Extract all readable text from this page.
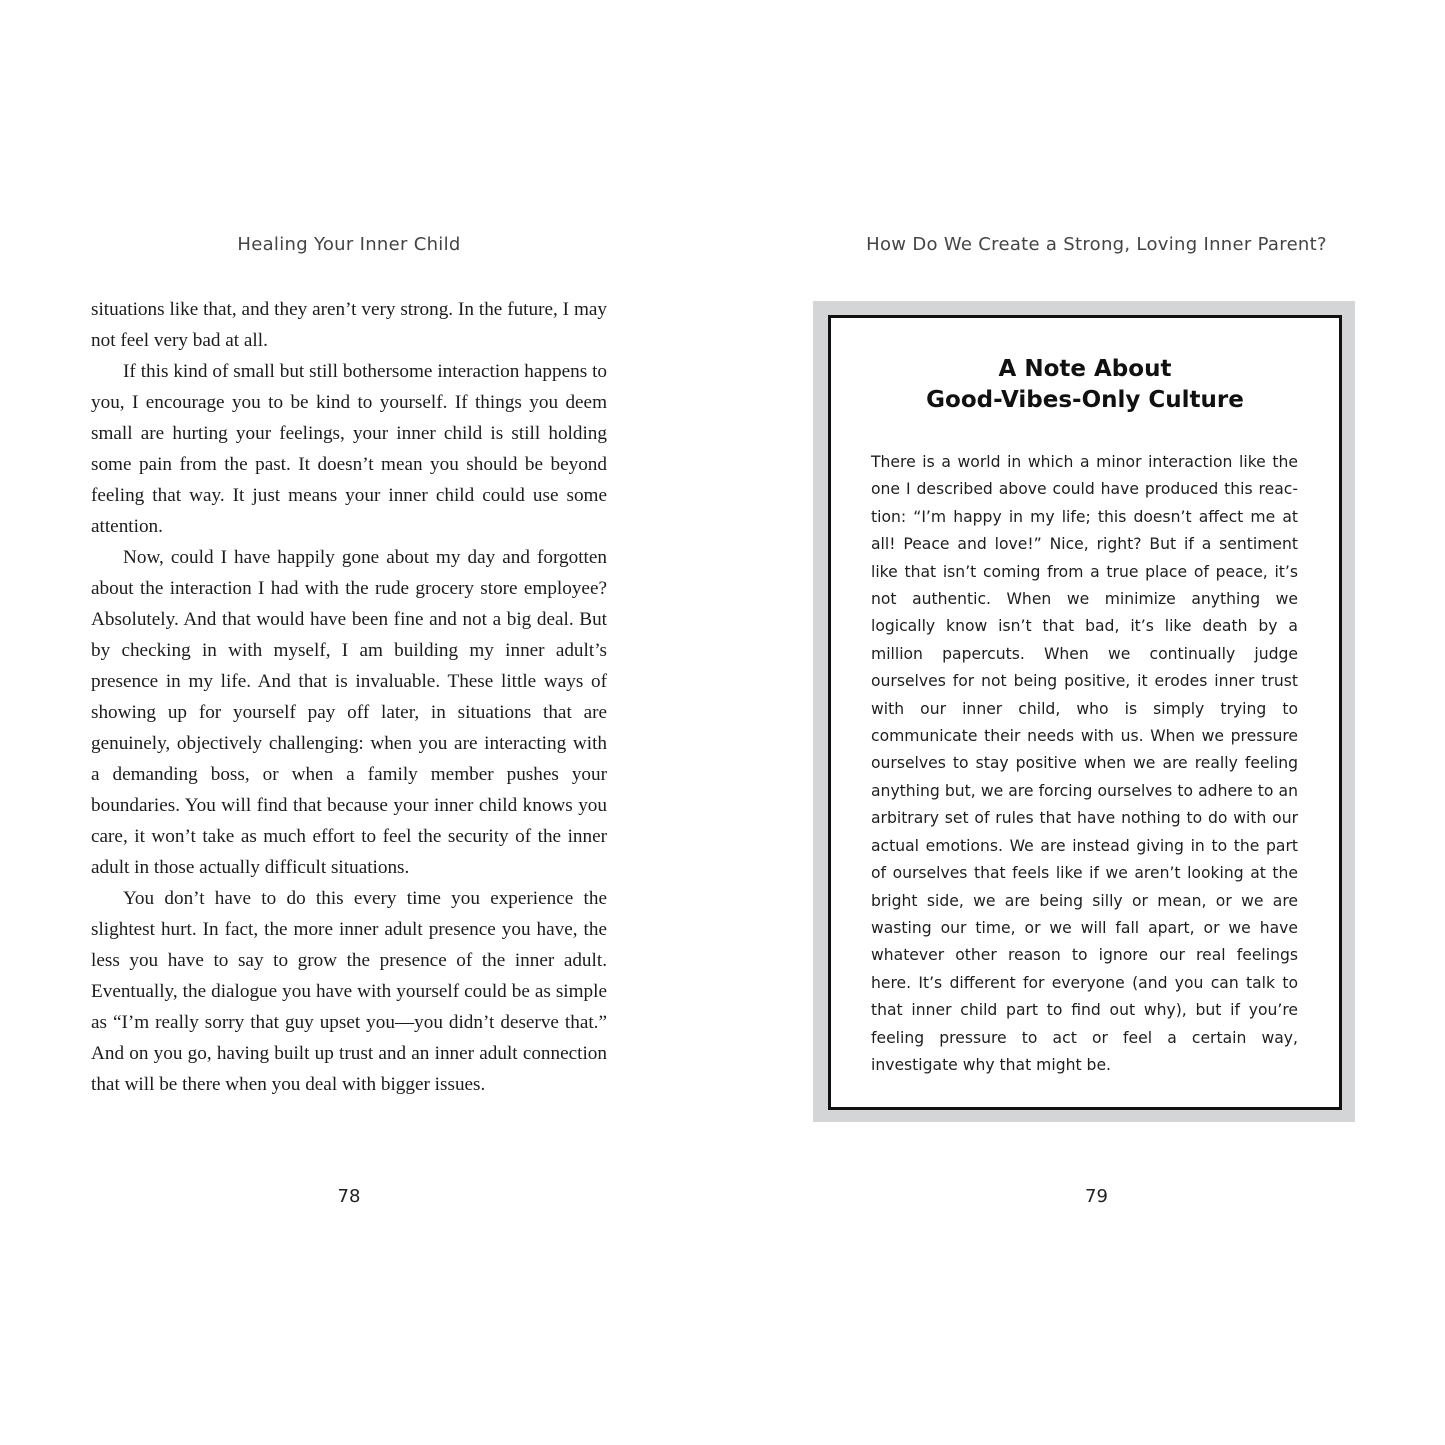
Healing Your Inner Child

situations like that, and they aren’t very strong. In the future, I may not feel very bad at all.

If this kind of small but still bothersome interaction happens to you, I encourage you to be kind to yourself. If things you deem small are hurting your feelings, your inner child is still holding some pain from the past. It doesn’t mean you should be beyond feeling that way. It just means your inner child could use some attention.

Now, could I have happily gone about my day and forgotten about the interaction I had with the rude grocery store employee? Absolutely. And that would have been fine and not a big deal. But by checking in with myself, I am building my inner adult’s presence in my life. And that is invaluable. These little ways of showing up for yourself pay off later, in situations that are genuinely, objectively challenging: when you are interacting with a demanding boss, or when a family member pushes your boundaries. You will find that because your inner child knows you care, it won’t take as much effort to feel the security of the inner adult in those actually difficult situations.

You don’t have to do this every time you experience the slightest hurt. In fact, the more inner adult presence you have, the less you have to say to grow the presence of the inner adult. Eventually, the dialogue you have with yourself could be as simple as “I’m really sorry that guy upset you—you didn’t deserve that.” And on you go, having built up trust and an inner adult connection that will be there when you deal with bigger issues.

78
How Do We Create a Strong, Loving Inner Parent?
A Note About
Good-Vibes-Only Culture

There is a world in which a minor interaction like the one I described above could have produced this reaction: “I’m happy in my life; this doesn’t affect me at all! Peace and love!” Nice, right? But if a sentiment like that isn’t coming from a true place of peace, it’s not authentic. When we minimize anything we logically know isn’t that bad, it’s like death by a million papercuts. When we continually judge ourselves for not being positive, it erodes inner trust with our inner child, who is simply trying to communicate their needs with us. When we pressure ourselves to stay positive when we are really feeling anything but, we are forcing ourselves to adhere to an arbitrary set of rules that have nothing to do with our actual emotions. We are instead giving in to the part of ourselves that feels like if we aren’t looking at the bright side, we are being silly or mean, or we are wasting our time, or we will fall apart, or we have whatever other reason to ignore our real feelings here. It’s different for everyone (and you can talk to that inner child part to find out why), but if you’re feeling pressure to act or feel a certain way, investigate why that might be.

79
